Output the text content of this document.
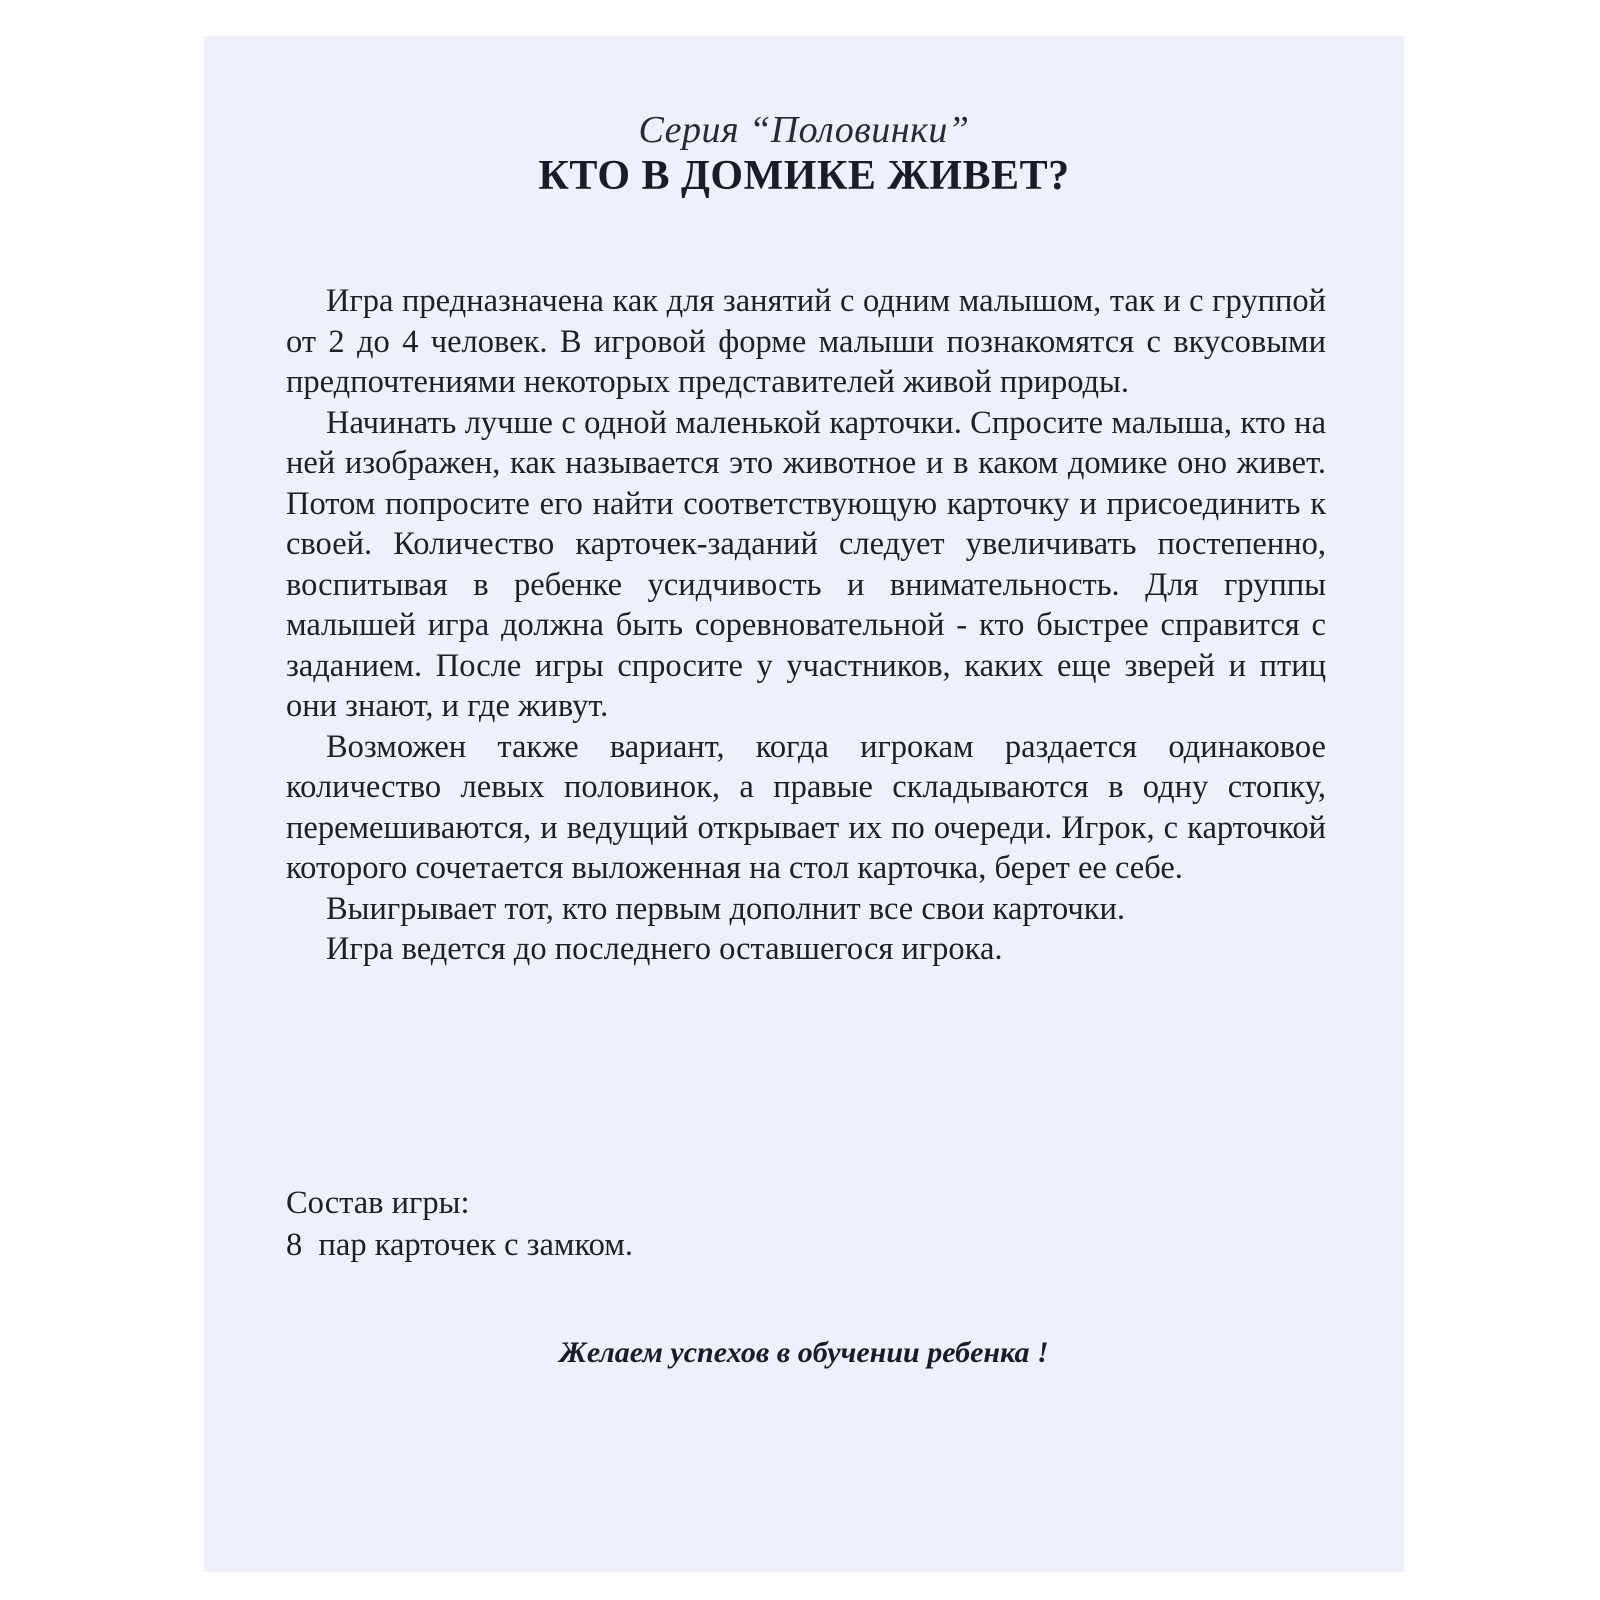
Серия “Половинки”
КТО В ДОМИКЕ ЖИВЕТ?

Игра предназначена как для занятий с одним малышом, так и с группой от 2 до 4 человек. В игровой форме малыши познакомятся с вкусовыми предпочтениями некоторых представителей живой природы.

Начинать лучше с одной маленькой карточки. Спросите малыша, кто на ней изображен, как называется это животное и в каком домике оно живет. Потом попросите его найти соответствующую карточку и присоединить к своей. Количество карточек-заданий следует увеличивать постепенно, воспитывая в ребенке усидчивость и внимательность. Для группы малышей игра должна быть соревновательной - кто быстрее справится с заданием. После игры спросите у участников, каких еще зверей и птиц они знают, и где живут.

Возможен также вариант, когда игрокам раздается одинаковое количество левых половинок, а правые складываются в одну стопку, перемешиваются, и ведущий открывает их по очереди. Игрок, с карточкой которого сочетается выложенная на стол карточка, берет ее себе.

Выигрывает тот, кто первым дополнит все свои карточки.

Игра ведется до последнего оставшегося игрока.

Состав игры:
8  пар карточек с замком.
Желаем успехов в обучении ребенка !
